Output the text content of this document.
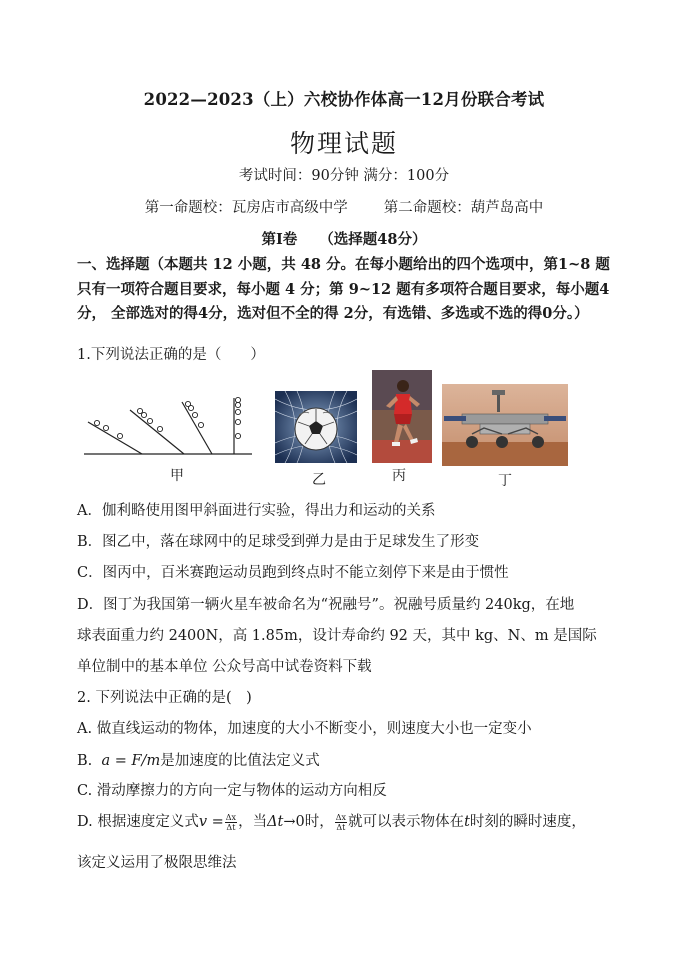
2022—2023（上）六校协作体高一12月份联合考试
物理试题
考试时间：90分钟 满分：100分
第一命题校：瓦房店市高级中学 第二命题校：葫芦岛高中
第Ⅰ卷 （选择题48分）
一、选择题（本题共 12 小题，共 48 分。在每小题给出的四个选项中，第1~8 题只有一项符合题目要求，每小题 4 分；第 9~12 题有多项符合题目要求，每小题4分， 全部选对的得4分，选对但不全的得 2分，有选错、多选或不选的得0分。）
1.下列说法正确的是（　　）
甲	乙	丙	丁
A．伽利略使用图甲斜面进行实验，得出力和运动的关系
B．图乙中，落在球网中的足球受到弹力是由于足球发生了形变
C．图丙中，百米赛跑运动员跑到终点时不能立刻停下来是由于惯性
D．图丁为我国第一辆火星车被命名为“祝融号”。祝融号质量约 240kg，在地
球表面重力约 2400N，高 1.85m，设计寿命约 92 天，其中 kg、N、m 是国际
单位制中的基本单位 公众号高中试卷资料下载
2. 下列说法中正确的是(　)
A. 做直线运动的物体，加速度的大小不断变小，则速度大小也一定变小
B. a = F/m是加速度的比值法定义式
C. 滑动摩擦力的方向一定与物体的运动方向相反
D. 根据速度定义式$v = \frac{\Delta x}{\Delta t}$ ，当Δt→0时， $\frac{\Delta x}{\Delta t}$ 就可以表示物体在t时刻的瞬时速度，
该定义运用了极限思维法
